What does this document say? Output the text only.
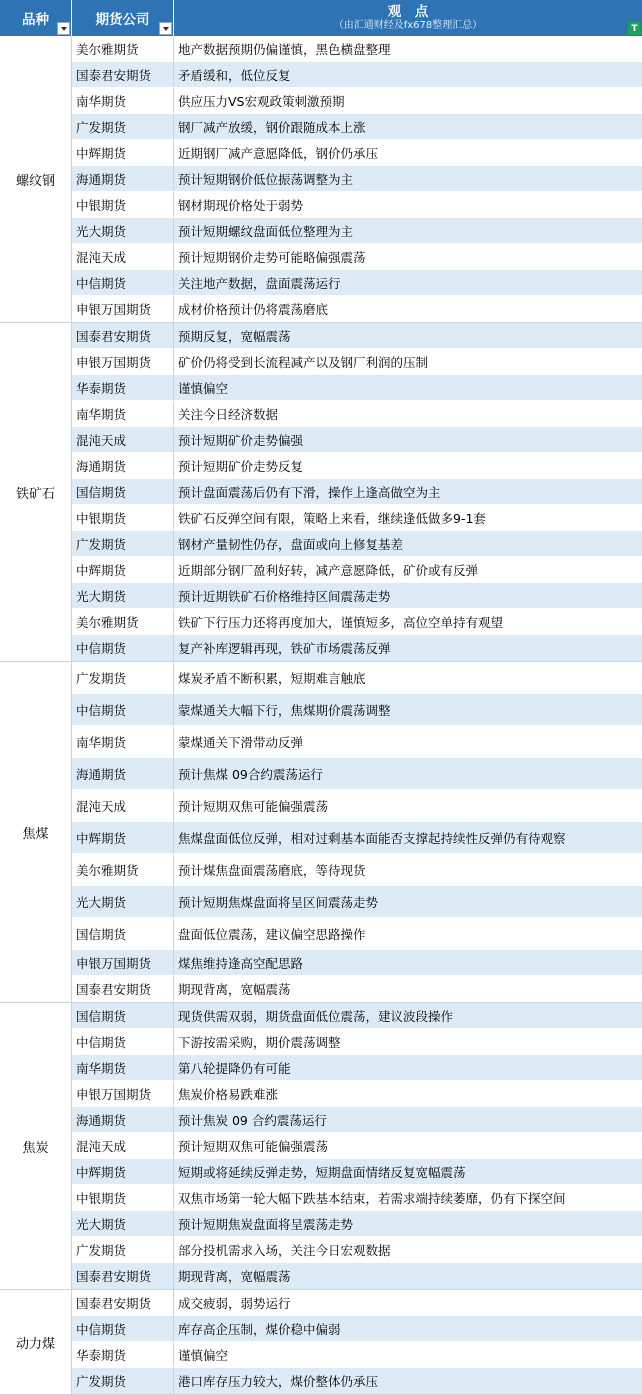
品种	期货公司
观　点
（由汇通财经及fx678整理汇总）	T
螺纹钢
美尔雅期货	地产数据预期仍偏谨慎，黑色横盘整理
国泰君安期货	矛盾缓和，低位反复
南华期货	供应压力VS宏观政策刺激预期
广发期货	钢厂减产放缓，钢价跟随成本上涨
中辉期货	近期钢厂减产意愿降低，钢价仍承压
海通期货	预计短期钢价低位振荡调整为主
中银期货	钢材期现价格处于弱势
光大期货	预计短期螺纹盘面低位整理为主
混沌天成	预计短期钢价走势可能略偏强震荡
中信期货	关注地产数据，盘面震荡运行
申银万国期货	成材价格预计仍将震荡磨底
铁矿石
国泰君安期货	预期反复，宽幅震荡
申银万国期货	矿价仍将受到长流程减产以及钢厂利润的压制
华泰期货	谨慎偏空
南华期货	关注今日经济数据
混沌天成	预计短期矿价走势偏强
海通期货	预计短期矿价走势反复
国信期货	预计盘面震荡后仍有下滑，操作上逢高做空为主
中银期货	铁矿石反弹空间有限，策略上来看，继续逢低做多9-1套
广发期货	钢材产量韧性仍存，盘面或向上修复基差
中辉期货	近期部分钢厂盈利好转，减产意愿降低，矿价或有反弹
光大期货	预计近期铁矿石价格维持区间震荡走势
美尔雅期货	铁矿下行压力还将再度加大，谨慎短多，高位空单持有观望
中信期货	复产补库逻辑再现，铁矿市场震荡反弹
焦煤
广发期货	煤炭矛盾不断积累，短期难言触底
中信期货	蒙煤通关大幅下行，焦煤期价震荡调整
南华期货	蒙煤通关下滑带动反弹
海通期货	预计焦煤 09合约震荡运行
混沌天成	预计短期双焦可能偏强震荡
中辉期货	焦煤盘面低位反弹，相对过剩基本面能否支撑起持续性反弹仍有待观察
美尔雅期货	预计煤焦盘面震荡磨底，等待现货
光大期货	预计短期焦煤盘面将呈区间震荡走势
国信期货	盘面低位震荡，建议偏空思路操作
申银万国期货	煤焦维持逢高空配思路
国泰君安期货	期现背离，宽幅震荡
焦炭
国信期货	现货供需双弱，期货盘面低位震荡，建议波段操作
中信期货	下游按需采购，期价震荡调整
南华期货	第八轮提降仍有可能
申银万国期货	焦炭价格易跌难涨
海通期货	预计焦炭 09 合约震荡运行
混沌天成	预计短期双焦可能偏强震荡
中辉期货	短期或将延续反弹走势，短期盘面情绪反复宽幅震荡
中银期货	双焦市场第一轮大幅下跌基本结束，若需求端持续萎靡，仍有下探空间
光大期货	预计短期焦炭盘面将呈震荡走势
广发期货	部分投机需求入场，关注今日宏观数据
国泰君安期货	期现背离，宽幅震荡
动力煤
国泰君安期货	成交疲弱，弱势运行
中信期货	库存高企压制，煤价稳中偏弱
华泰期货	谨慎偏空
广发期货	港口库存压力较大，煤价整体仍承压
